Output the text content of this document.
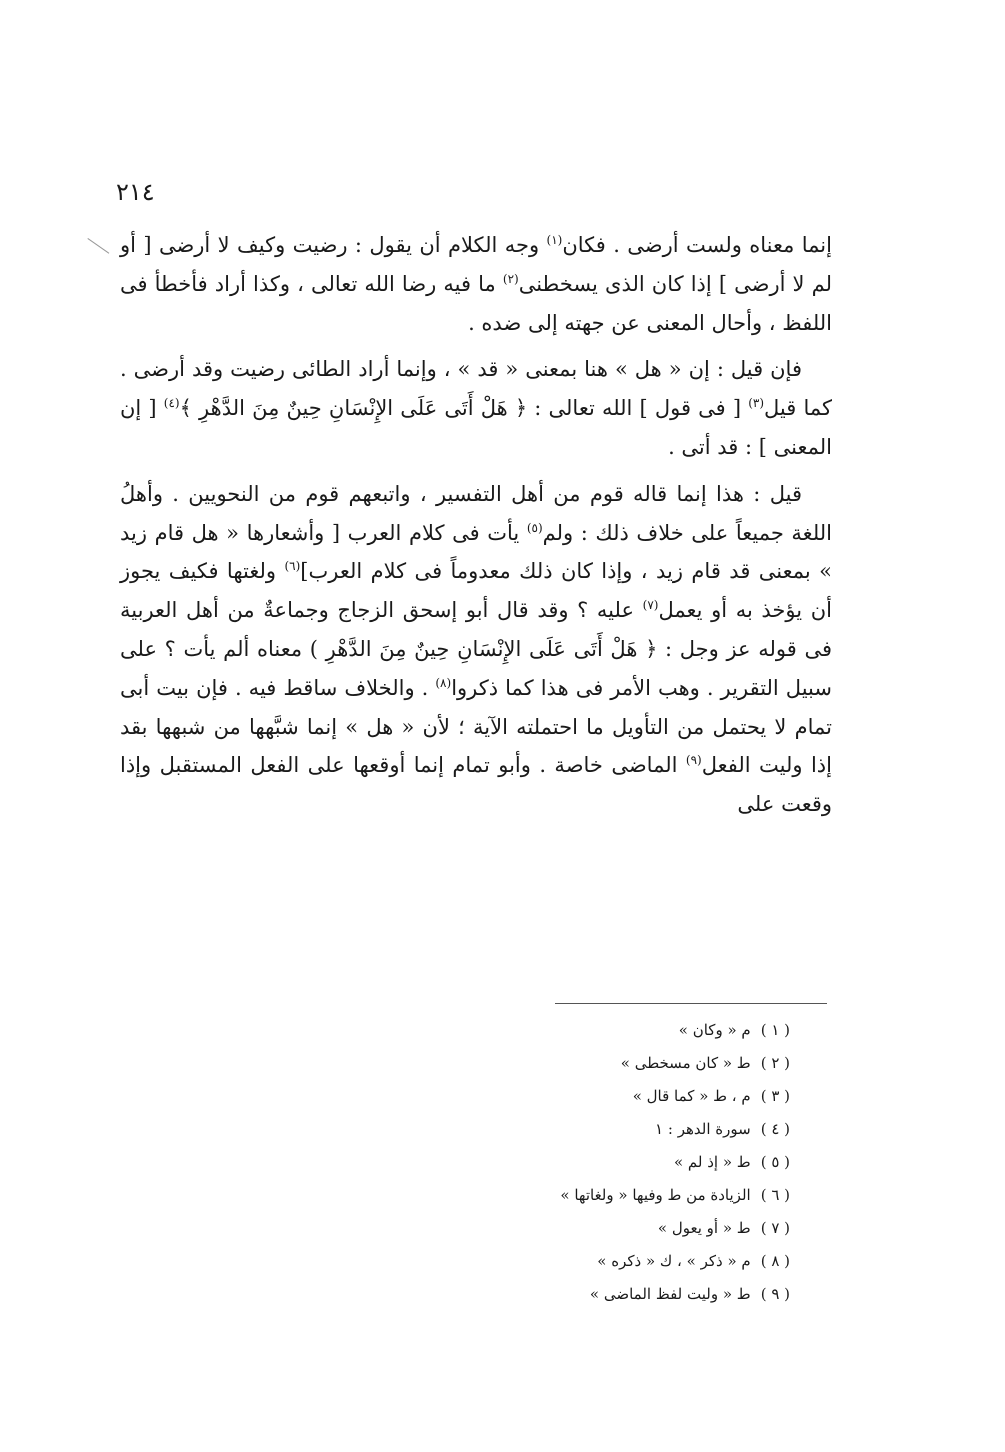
٢١٤

إنما معناه ولست أرضى . فكان$^{(١)}$ وجه الكلام أن يقول : رضيت وكيف لا أرضى [ أو لم لا أرضى ] إذا كان الذى يسخطنى$^{(٢)}$ ما فيه رضا الله تعالى ، وكذا أراد فأخطأ فى اللفظ ، وأحال المعنى عن جهته إلى ضده .

فإن قيل : إن « هل » هنا بمعنى « قد » ، وإنما أراد الطائى رضيت وقد أرضى . كما قيل$^{(٣)}$ [ فى قول ] الله تعالى : ﴿ هَلْ أَتَى عَلَى الإِنْسَانِ حِينٌ مِنَ الدَّهْرِ ﴾$^{(٤)}$ [ إن المعنى ] : قد أتى .

قيل : هذا إنما قاله قوم من أهل التفسير ، واتبعهم قوم من النحويين . وأهلُ اللغة جميعاً على خلاف ذلك : ولم$^{(٥)}$ يأت فى كلام العرب [ وأشعارها « هل قام زيد » بمعنى قد قام زيد ، وإذا كان ذلك معدوماً فى كلام العرب]$^{(٦)}$ ولغتها فكيف يجوز أن يؤخذ به أو يعمل$^{(٧)}$ عليه ؟ وقد قال أبو إسحق الزجاج وجماعةٌ من أهل العربية فى قوله عز وجل : ﴿ هَلْ أَتَى عَلَى الإِنْسَانِ حِينٌ مِنَ الدَّهْرِ ) معناه ألم يأت ؟ على سبيل التقرير . وهب الأمر فى هذا كما ذكروا$^{(٨)}$ . والخلاف ساقط فيه . فإن بيت أبى تمام لا يحتمل من التأويل ما احتملته الآية ؛ لأن « هل » إنما شبَّهها من شبهها بقد إذا وليت الفعل$^{(٩)}$ الماضى خاصة . وأبو تمام إنما أوقعها على الفعل المستقبل وإذا وقعت على

( ١ )م « وكان »
( ٢ )ط « كان مسخطى »
( ٣ )م ، ط « كما قال »
( ٤ )سورة الدهر : ١
( ٥ )ط « إذ لم »
( ٦ )الزيادة من ط وفيها « ولغاتها »
( ٧ )ط « أو يعول »
( ٨ )م « ذكر » ، ك « ذكره »
( ٩ )ط « وليت لفظ الماضى »
